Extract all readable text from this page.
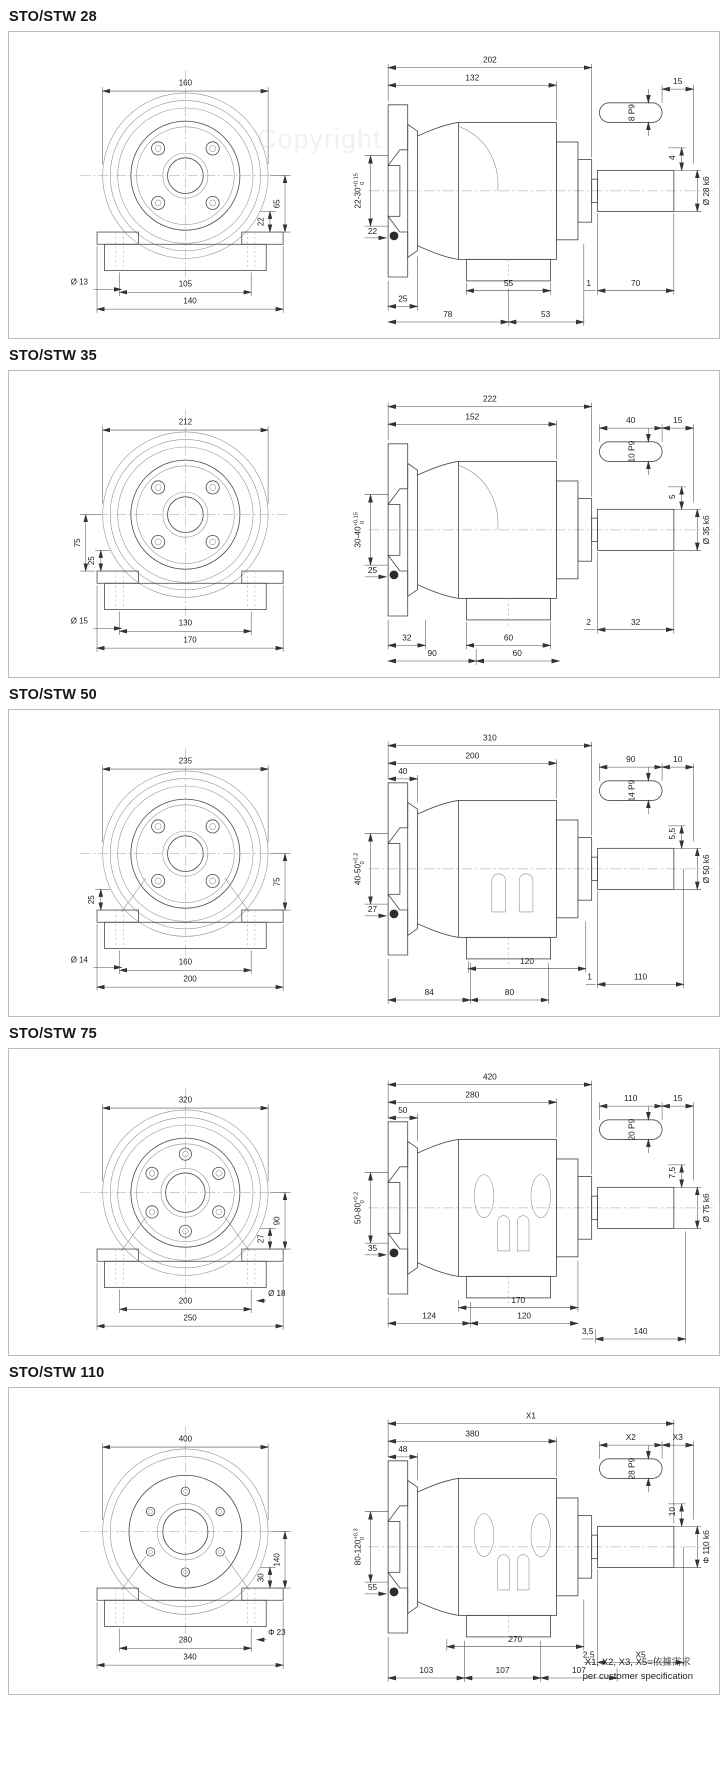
STO/STW 28
Copyright
160
65
22
Ø 13	105
140
8 P9
202
132	15
Ø 28 k6
4
$22-30^{+0.15}0$
22
55	1	70
25
78	53
STO/STW 35
212
75
25
Ø 15	130
170
10 P9
222
152	40	15
Ø 35 k6
5
$30-40^{+0.15}0$
25
2	32
32	60
90	60
STO/STW 50
235
75
25
Ø 14	160
200
14 P9
310
200
40
90	10
Ø 50 k6
5,5
$40-50^{+0.2}0$
27
120
1	110
84	80
STO/STW 75
320
90
27
Ø 18
200
250
20 P9
420
280
50
110	15
Ø 75 k6
7,5
$50-80^{+0.2}0$
35
170
124	120
3,5	140
STO/STW 110
400
140
30
Φ 23
280
340
28 P9
X1
380
48
X2	X3
Φ 110 k6
10
$80-120^{+0.3}0$
55
270
2,5	X5
103	107	107
X1, X2, X3, X5=依據需求
per customer specification
